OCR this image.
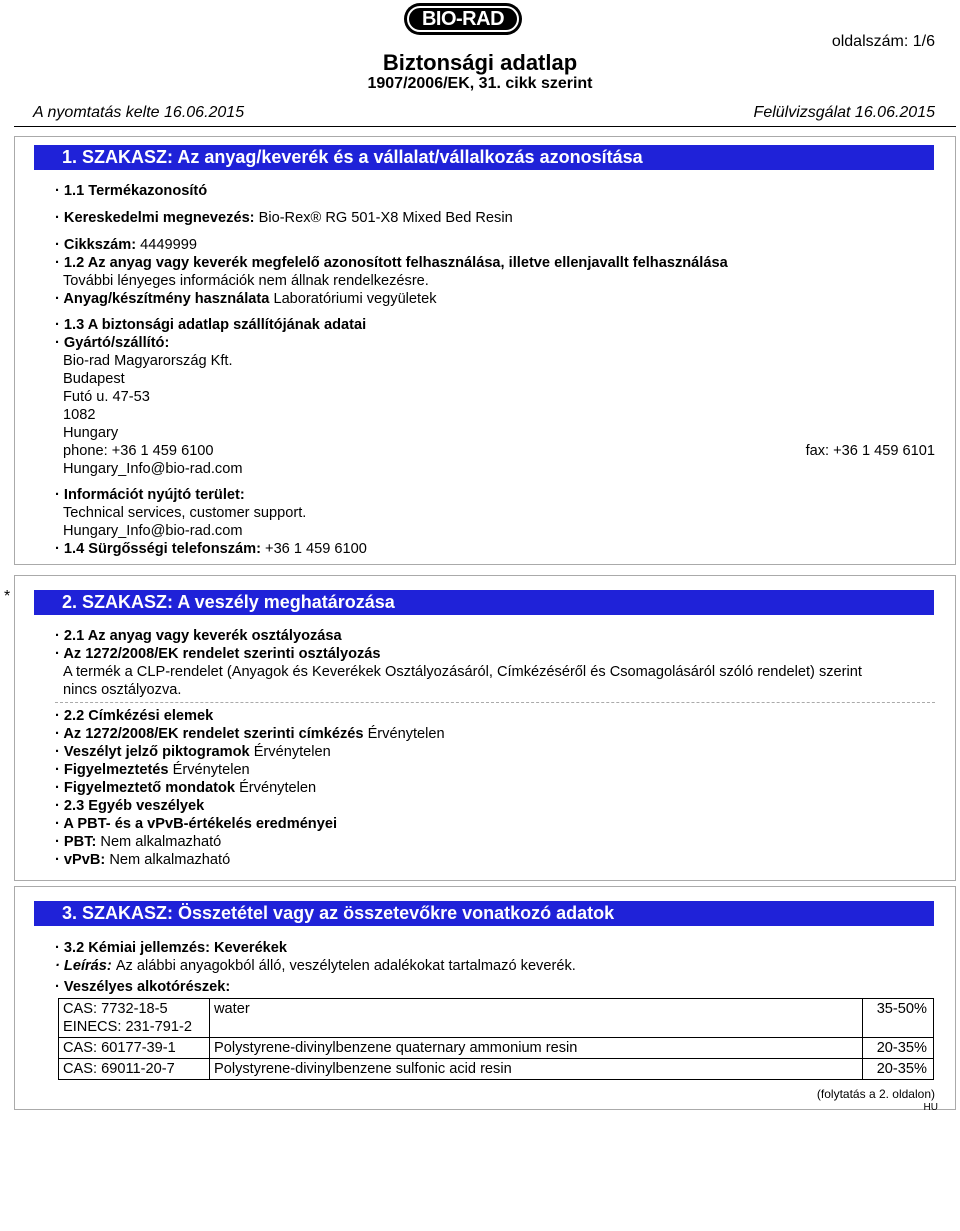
BIO-RAD
oldalszám: 1/6
Biztonsági adatlap
1907/2006/EK, 31. cikk szerint
A nyomtatás kelte 16.06.2015	Felülvizsgálat 16.06.2015
1. SZAKASZ: Az anyag/keverék és a vállalat/vállalkozás azonosítása
· 1.1 Termékazonosító
· Kereskedelmi megnevezés: Bio-Rex® RG 501-X8 Mixed Bed Resin
· Cikkszám: 4449999
· 1.2 Az anyag vagy keverék megfelelő azonosított felhasználása, illetve ellenjavallt felhasználása
További lényeges információk nem állnak rendelkezésre.
· Anyag/készítmény használata Laboratóriumi vegyületek
· 1.3 A biztonsági adatlap szállítójának adatai
· Gyártó/szállító:
Bio-rad Magyarország Kft.
Budapest
Futó u. 47-53
1082
Hungary
phone: +36 1 459 6100	fax: +36 1 459 6101
Hungary_Info@bio-rad.com
· Információt nyújtó terület:
Technical services, customer support.
Hungary_Info@bio-rad.com
· 1.4 Sürgősségi telefonszám: +36 1 459 6100
*	2. SZAKASZ: A veszély meghatározása
· 2.1 Az anyag vagy keverék osztályozása
· Az 1272/2008/EK rendelet szerinti osztályozás
A termék a CLP-rendelet (Anyagok és Keverékek Osztályozásáról, Címkézéséről és Csomagolásáról szóló rendelet) szerint
nincs osztályozva.
· 2.2 Címkézési elemek
· Az 1272/2008/EK rendelet szerinti címkézés Érvénytelen
· Veszélyt jelző piktogramok Érvénytelen
· Figyelmeztetés Érvénytelen
· Figyelmeztető mondatok Érvénytelen
· 2.3 Egyéb veszélyek
· A PBT- és a vPvB-értékelés eredményei
· PBT: Nem alkalmazható
· vPvB: Nem alkalmazható
3. SZAKASZ: Összetétel vagy az összetevőkre vonatkozó adatok
· 3.2 Kémiai jellemzés: Keverékek
· Leírás: Az alábbi anyagokból álló, veszélytelen adalékokat tartalmazó keverék.
· Veszélyes alkotórészek:
CAS: 7732-18-5
EINECS: 231-791-2	water	35-50%
CAS: 60177-39-1	Polystyrene-divinylbenzene quaternary ammonium resin	20-35%
CAS: 69011-20-7	Polystyrene-divinylbenzene sulfonic acid resin	20-35%
(folytatás a 2. oldalon)
HU
